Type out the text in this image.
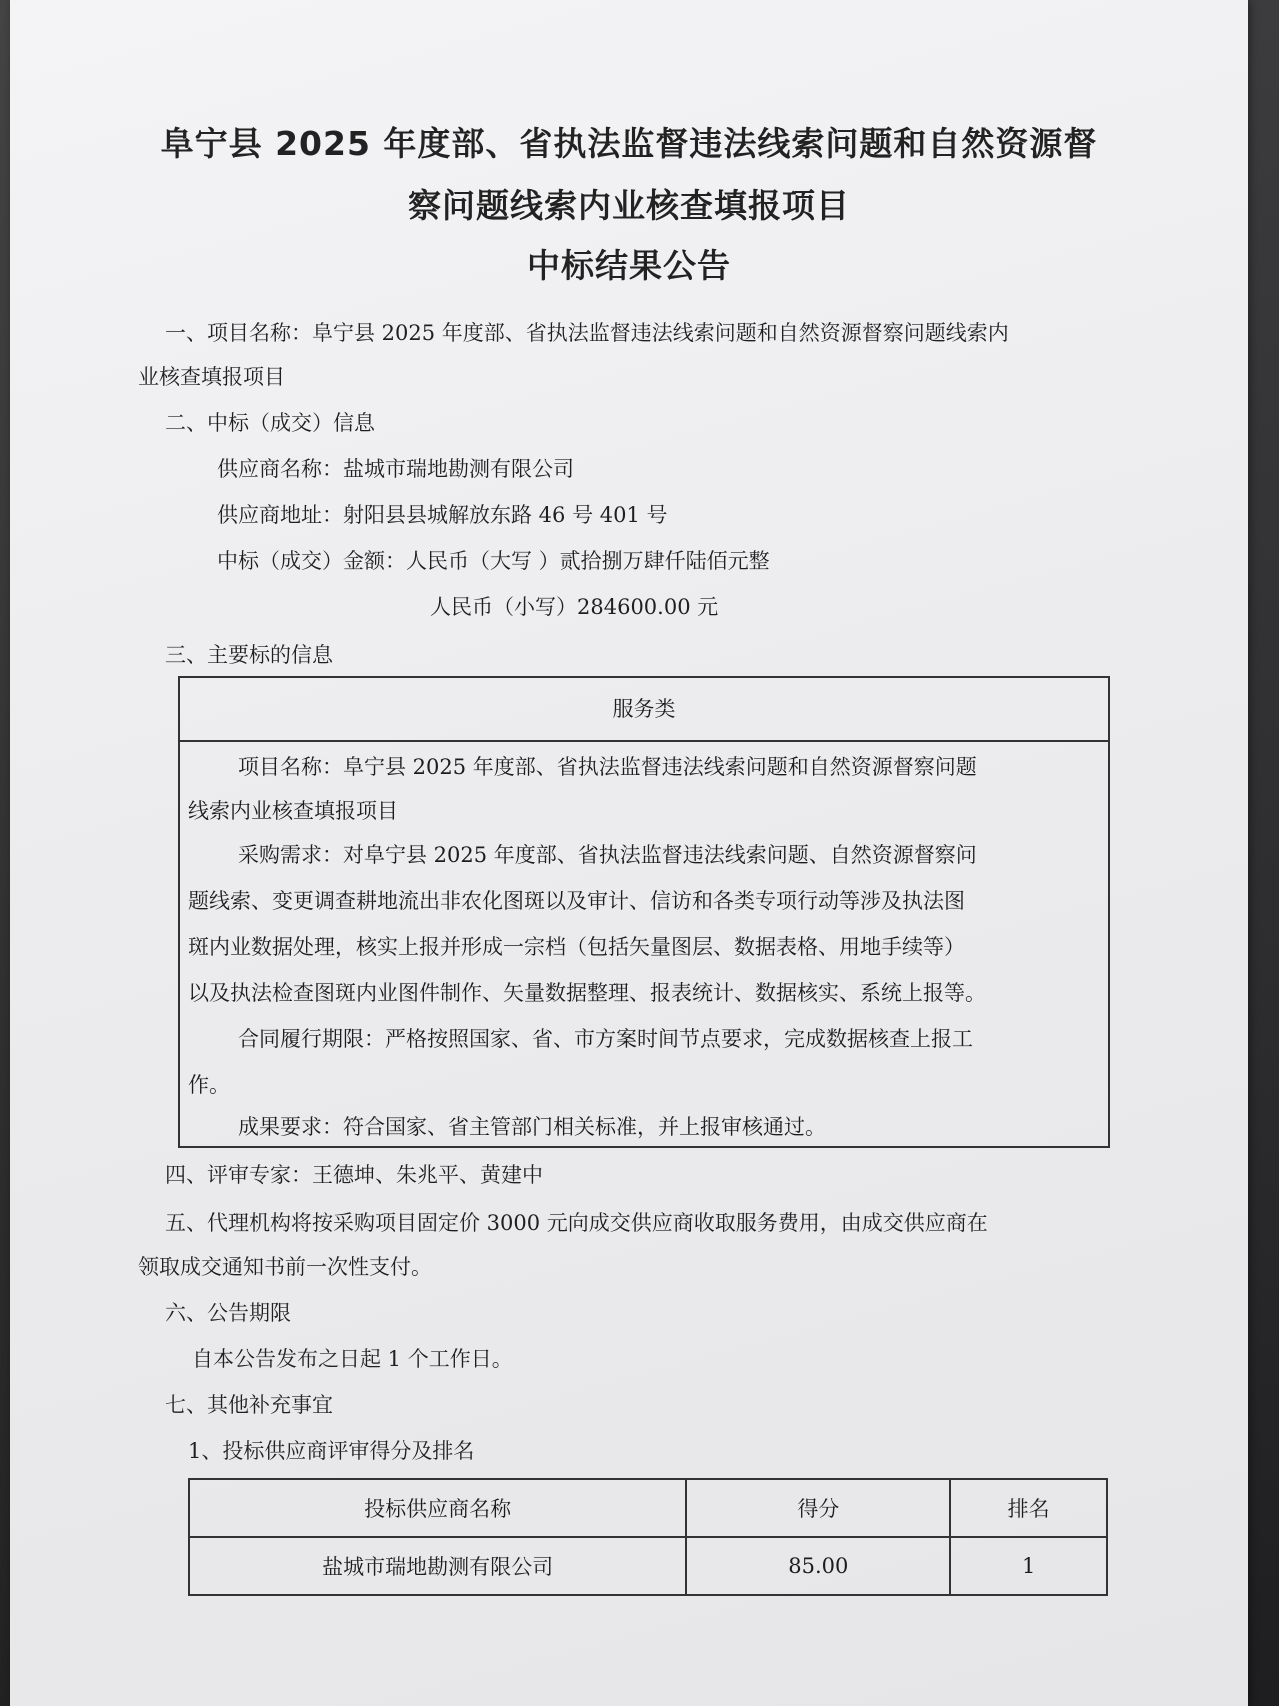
阜宁县 2025 年度部、省执法监督违法线索问题和自然资源督
察问题线索内业核查填报项目
中标结果公告
一、项目名称：阜宁县 2025 年度部、省执法监督违法线索问题和自然资源督察问题线索内
业核查填报项目
二、中标（成交）信息
供应商名称：盐城市瑞地勘测有限公司
供应商地址：射阳县县城解放东路 46 号 401 号
中标（成交）金额：人民币（大写 ）贰拾捌万肆仟陆佰元整
人民币（小写）284600.00 元
三、主要标的信息
服务类
项目名称：阜宁县 2025 年度部、省执法监督违法线索问题和自然资源督察问题
线索内业核查填报项目
采购需求：对阜宁县 2025 年度部、省执法监督违法线索问题、自然资源督察问
题线索、变更调查耕地流出非农化图斑以及审计、信访和各类专项行动等涉及执法图
斑内业数据处理，核实上报并形成一宗档（包括矢量图层、数据表格、用地手续等）
以及执法检查图斑内业图件制作、矢量数据整理、报表统计、数据核实、系统上报等。
合同履行期限：严格按照国家、省、市方案时间节点要求，完成数据核查上报工
作。
成果要求：符合国家、省主管部门相关标准，并上报审核通过。
四、评审专家：王德坤、朱兆平、黄建中
五、代理机构将按采购项目固定价 3000 元向成交供应商收取服务费用，由成交供应商在
领取成交通知书前一次性支付。
六、公告期限
自本公告发布之日起 1 个工作日。
七、其他补充事宜
1、投标供应商评审得分及排名
投标供应商名称	得分	排名
盐城市瑞地勘测有限公司	85.00	1
